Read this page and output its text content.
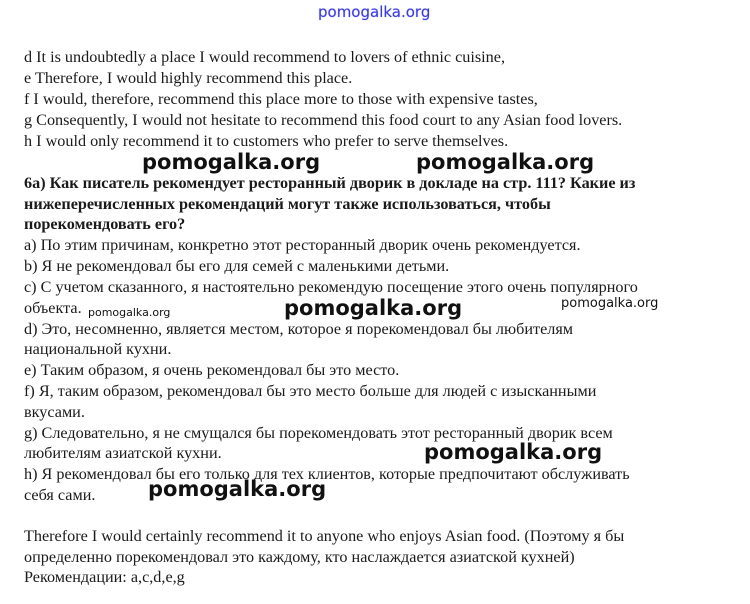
pomogalka.org
d It is undoubtedly a place I would recommend to lovers of ethnic cuisine,
e Therefore, I would highly recommend this place.
f I would, therefore, recommend this place more to those with expensive tastes,
g Consequently, I would not hesitate to recommend this food court to any Asian food lovers.
h I would only recommend it to customers who prefer to serve themselves.
pomogalka.org	pomogalka.org
6a) Как писатель рекомендует ресторанный дворик в докладе на стр. 111? Какие из
нижеперечисленных рекомендаций могут также использоваться, чтобы
порекомендовать его?
a) По этим причинам, конкретно этот ресторанный дворик очень рекомендуется.
b) Я не рекомендовал бы его для семей с маленькими детьми.
c) С учетом сказанного, я настоятельно рекомендую посещение этого очень популярного
объекта. pomogalka.org	pomogalka.org	pomogalka.org
d) Это, несомненно, является местом, которое я порекомендовал бы любителям
национальной кухни.
e) Таким образом, я очень рекомендовал бы это место.
f) Я, таким образом, рекомендовал бы это место больше для людей с изысканными
вкусами.
g) Следовательно, я не смущался бы порекомендовать этот ресторанный дворик всем
любителям азиатской кухни.	pomogalka.org
h) Я рекомендовал бы его только для тех клиентов, которые предпочитают обслуживать
себя сами.	pomogalka.org
Therefore I would certainly recommend it to anyone who enjoys Asian food. (Поэтому я бы
определенно порекомендовал это каждому, кто наслаждается азиатской кухней)
Рекомендации: a,c,d,e,g
